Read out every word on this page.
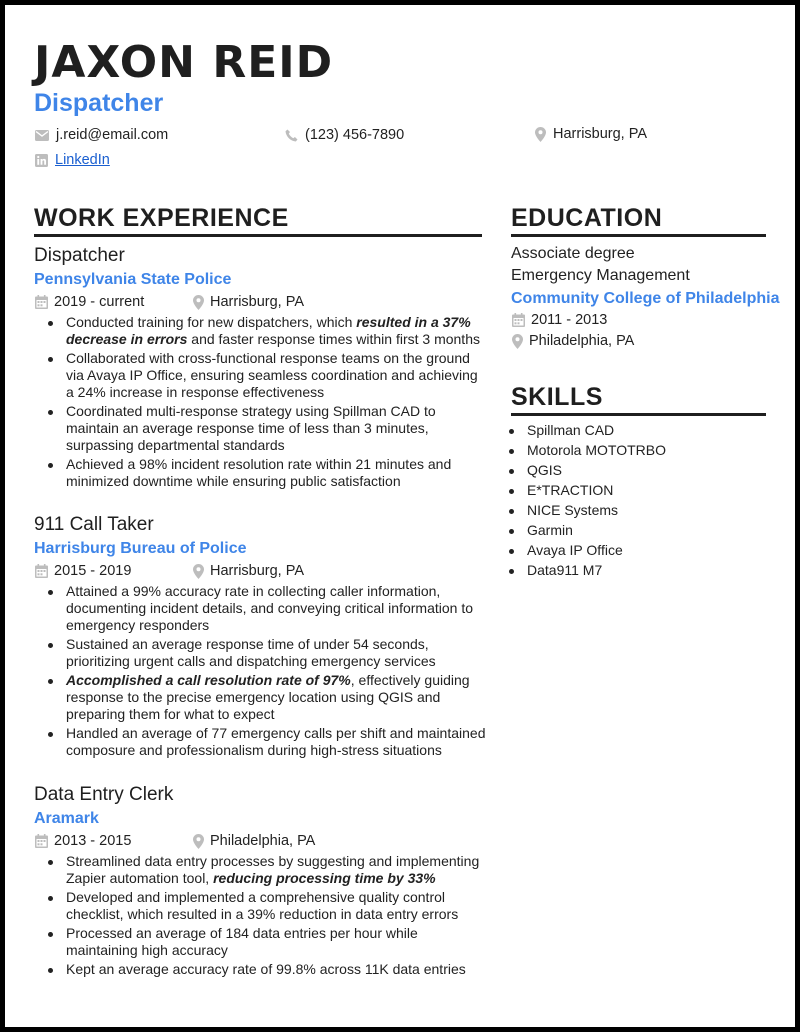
JAXON REID
Dispatcher
j.reid@email.com	(123) 456-7890	Harrisburg, PA
LinkedIn
WORK EXPERIENCE
Dispatcher
Pennsylvania State Police
2019 - current	Harrisburg, PA
Conducted training for new dispatchers, which resulted in a 37% decrease in errors and faster response times within first 3 months
Collaborated with cross-functional response teams on the ground via Avaya IP Office, ensuring seamless coordination and achieving a 24% increase in response effectiveness
Coordinated multi-response strategy using Spillman CAD to maintain an average response time of less than 3 minutes, surpassing departmental standards
Achieved a 98% incident resolution rate within 21 minutes and minimized downtime while ensuring public satisfaction
911 Call Taker
Harrisburg Bureau of Police
2015 - 2019	Harrisburg, PA
Attained a 99% accuracy rate in collecting caller information, documenting incident details, and conveying critical information to emergency responders
Sustained an average response time of under 54 seconds, prioritizing urgent calls and dispatching emergency services
Accomplished a call resolution rate of 97%, effectively guiding response to the precise emergency location using QGIS and preparing them for what to expect
Handled an average of 77 emergency calls per shift and maintained composure and professionalism during high-stress situations
Data Entry Clerk
Aramark
2013 - 2015	Philadelphia, PA
Streamlined data entry processes by suggesting and implementing Zapier automation tool, reducing processing time by 33%
Developed and implemented a comprehensive quality control checklist, which resulted in a 39% reduction in data entry errors
Processed an average of 184 data entries per hour while maintaining high accuracy
Kept an average accuracy rate of 99.8% across 11K data entries
EDUCATION
Associate degree
Emergency Management
Community College of Philadelphia
2011 - 2013
Philadelphia, PA
SKILLS
Spillman CAD
Motorola MOTOTRBO
QGIS
E*TRACTION
NICE Systems
Garmin
Avaya IP Office
Data911 M7
